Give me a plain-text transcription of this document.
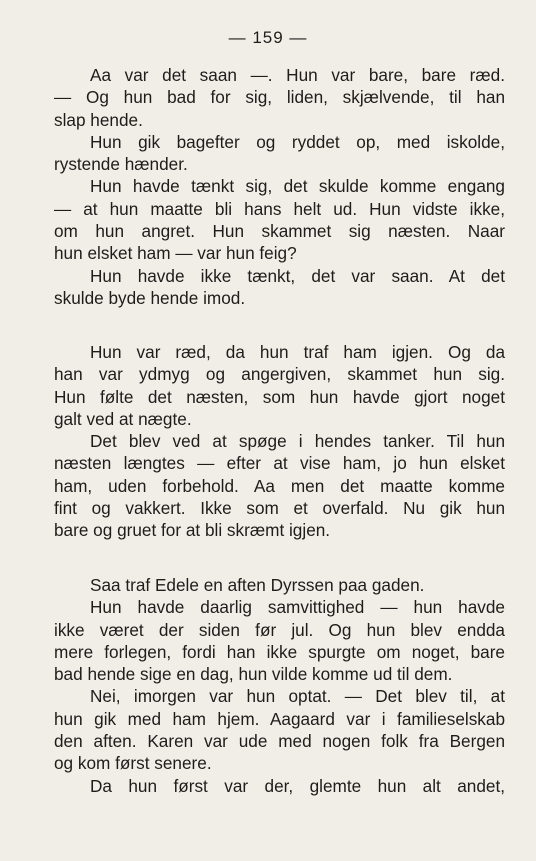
— 159 —
Aa var det saan —. Hun var bare, bare ræd.
— Og hun bad for sig, liden, skjælvende, til han
slap hende.
Hun gik bagefter og ryddet op, med iskolde,
rystende hænder.
Hun havde tænkt sig, det skulde komme engang
— at hun maatte bli hans helt ud. Hun vidste ikke,
om hun angret. Hun skammet sig næsten. Naar
hun elsket ham — var hun feig?
Hun havde ikke tænkt, det var saan. At det
skulde byde hende imod.
Hun var ræd, da hun traf ham igjen. Og da
han var ydmyg og angergiven, skammet hun sig.
Hun følte det næsten, som hun havde gjort noget
galt ved at nægte.
Det blev ved at spøge i hendes tanker. Til hun
næsten længtes — efter at vise ham, jo hun elsket
ham, uden forbehold. Aa men det maatte komme
fint og vakkert. Ikke som et overfald. Nu gik hun
bare og gruet for at bli skræmt igjen.
Saa traf Edele en aften Dyrssen paa gaden.
Hun havde daarlig samvittighed — hun havde
ikke været der siden før jul. Og hun blev endda
mere forlegen, fordi han ikke spurgte om noget, bare
bad hende sige en dag, hun vilde komme ud til dem.
Nei, imorgen var hun optat. — Det blev til, at
hun gik med ham hjem. Aagaard var i familieselskab
den aften. Karen var ude med nogen folk fra Bergen
og kom først senere.
Da hun først var der, glemte hun alt andet,
